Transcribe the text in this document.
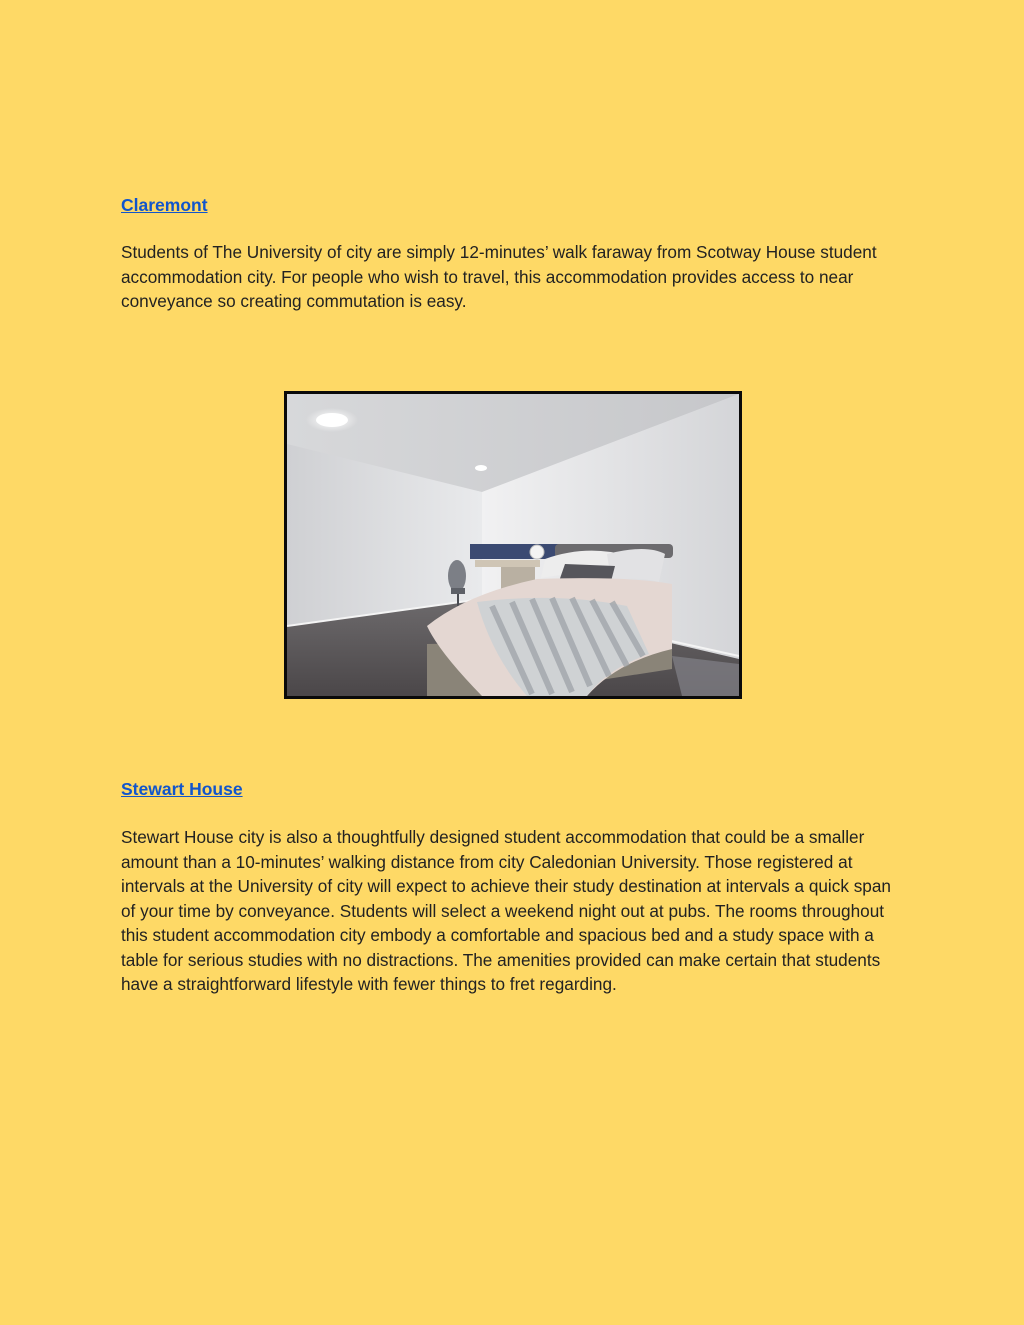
Claremont

Students of The University of city are simply 12-minutes’ walk faraway from Scotway House student accommodation city. For people who wish to travel, this accommodation provides access to near conveyance so creating commutation is easy.

Stewart House

Stewart House city is also a thoughtfully designed student accommodation that could be a smaller amount than a 10-minutes’ walking distance from city Caledonian University. Those registered at intervals at the University of city will expect to achieve their study destination at intervals a quick span of your time by conveyance. Students will select a weekend night out at pubs. The rooms throughout this student accommodation city embody a comfortable and spacious bed and a study space with a table for serious studies with no distractions. The amenities provided can make certain that students have a straightforward lifestyle with fewer things to fret regarding.
